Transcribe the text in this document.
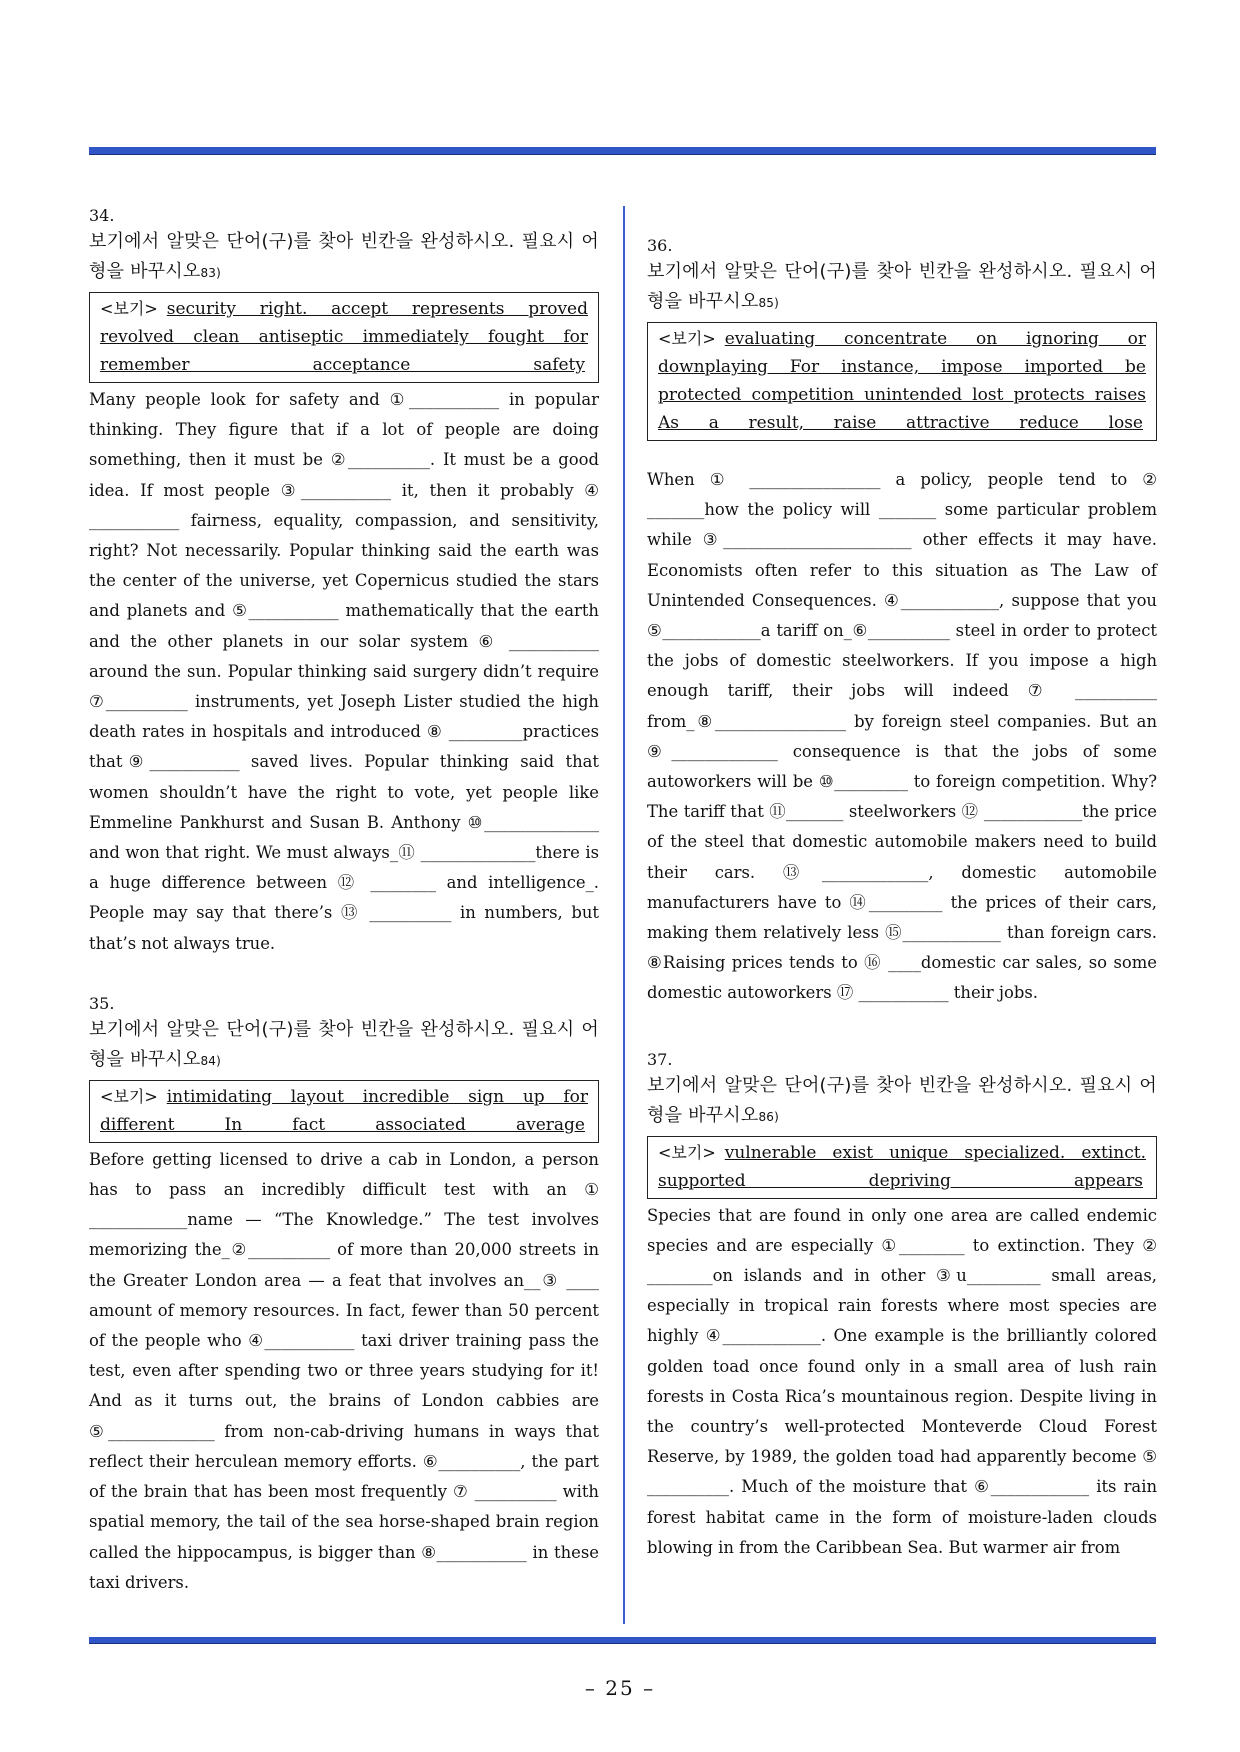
34.

보기에서 알맞은 단어(구)를 찾아 빈칸을 완성하시오. 필요시 어형을 바꾸시오83)

<보기> security right. accept represents proved revolved clean antiseptic immediately fought for remember acceptance safety

Many people look for safety and ①___________ in popular thinking. They figure that if a lot of people are doing something, then it must be ②__________. It must be a good idea. If most people ③___________ it, then it probably ④ ___________ fairness, equality, compassion, and sensitivity, right? Not necessarily. Popular thinking said the earth was the center of the universe, yet Copernicus studied the stars and planets and ⑤___________ mathematically that the earth and the other planets in our solar system ⑥ ___________ around the sun. Popular thinking said surgery didn’t require ⑦__________ instruments, yet Joseph Lister studied the high death rates in hospitals and introduced ⑧ _________practices that⑨___________ saved lives. Popular thinking said that women shouldn’t have the right to vote, yet people like Emmeline Pankhurst and Susan B. Anthony ⑩______________ and won that right. We must always_⑪ ______________there is a huge difference between ⑫ ________ and intelligence_. People may say that there’s ⑬ __________ in numbers, but that’s not always true.

35.

보기에서 알맞은 단어(구)를 찾아 빈칸을 완성하시오. 필요시 어형을 바꾸시오84)

<보기> intimidating layout incredible sign up for different In fact associated average

Before getting licensed to drive a cab in London, a person has to pass an incredibly difficult test with an ① ____________name — “The Knowledge.” The test involves memorizing the_②__________ of more than 20,000 streets in the Greater London area — a feat that involves an__③ ____ amount of memory resources. In fact, fewer than 50 percent of the people who ④___________ taxi driver training pass the test, even after spending two or three years studying for it! And as it turns out, the brains of London cabbies are ⑤_____________ from non-cab-driving humans in ways that reflect their herculean memory efforts. ⑥__________, the part of the brain that has been most frequently ⑦ __________ with spatial memory, the tail of the sea horse-shaped brain region called the hippocampus, is bigger than ⑧___________ in these taxi drivers.

36.

보기에서 알맞은 단어(구)를 찾아 빈칸을 완성하시오. 필요시 어형을 바꾸시오85)

<보기> evaluating concentrate on ignoring or downplaying For instance, impose imported be protected competition unintended lost protects raises As a result, raise attractive reduce lose

When ① ________________ a policy, people tend to ② _______how the policy will _______ some particular problem while ③_______________________ other effects it may have. Economists often refer to this situation as The Law of Unintended Consequences. ④____________, suppose that you ⑤____________a tariff on_⑥__________ steel in order to protect the jobs of domestic steelworkers. If you impose a high enough tariff, their jobs will indeed ⑦ __________ from_⑧________________ by foreign steel companies. But an ⑨_____________ consequence is that the jobs of some autoworkers will be ⑩_________ to foreign competition. Why? The tariff that ⑪_______ steelworkers ⑫ ____________the price of the steel that domestic automobile makers need to build their cars. ⑬_____________, domestic automobile manufacturers have to ⑭_________ the prices of their cars, making them relatively less ⑮____________ than foreign cars. ⑧Raising prices tends to ⑯ ____domestic car sales, so some domestic autoworkers ⑰ ___________ their jobs.

37.

보기에서 알맞은 단어(구)를 찾아 빈칸을 완성하시오. 필요시 어형을 바꾸시오86)

<보기> vulnerable exist unique specialized. extinct. supported depriving appears

Species that are found in only one area are called endemic species and are especially ①________ to extinction. They ② ________on islands and in other ③u_________ small areas, especially in tropical rain forests where most species are highly ④____________. One example is the brilliantly colored golden toad once found only in a small area of lush rain forests in Costa Rica’s mountainous region. Despite living in the country’s well-protected Monteverde Cloud Forest Reserve, by 1989, the golden toad had apparently become ⑤ __________. Much of the moisture that ⑥____________ its rain forest habitat came in the form of moisture-laden clouds blowing in from the Caribbean Sea. But warmer air from

– 25 –
